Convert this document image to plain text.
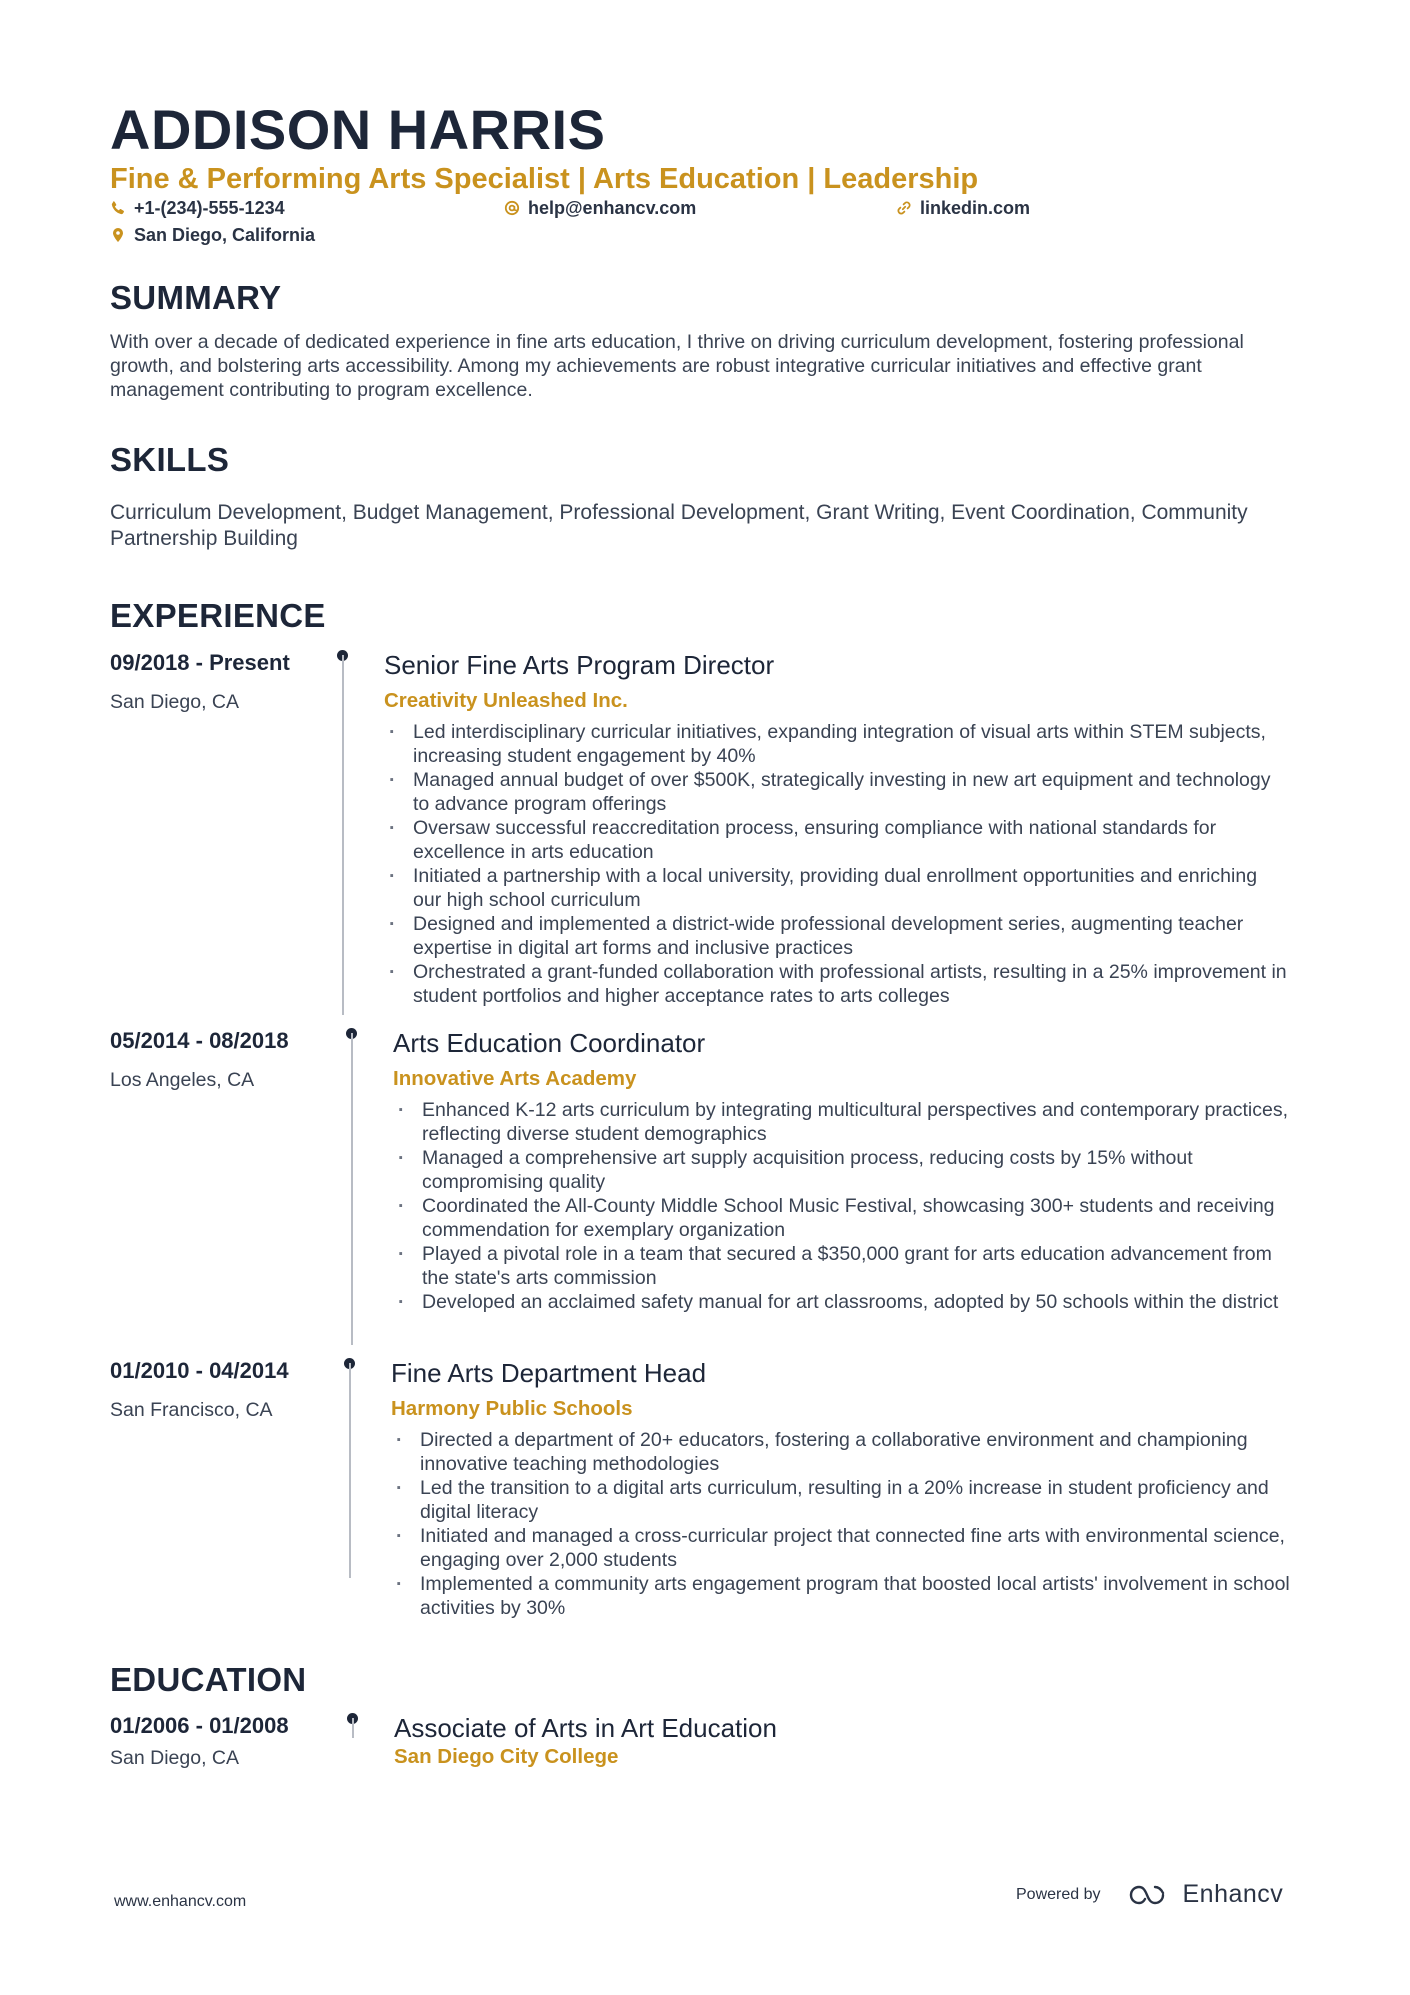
ADDISON HARRIS
Fine & Performing Arts Specialist | Arts Education | Leadership
+1-(234)-555-1234	help@enhancv.com	linkedin.com
San Diego, California
SUMMARY
With over a decade of dedicated experience in fine arts education, I thrive on driving curriculum development, fostering professional growth, and bolstering arts accessibility. Among my achievements are robust integrative curricular initiatives and effective grant management contributing to program excellence.
SKILLS
Curriculum Development, Budget Management, Professional Development, Grant Writing, Event Coordination, Community Partnership Building
EXPERIENCE
09/2018 - Present
San Diego, CA
Senior Fine Arts Program Director
Creativity Unleashed Inc.
· Led interdisciplinary curricular initiatives, expanding integration of visual arts within STEM subjects, increasing student engagement by 40%
· Managed annual budget of over $500K, strategically investing in new art equipment and technology to advance program offerings
· Oversaw successful reaccreditation process, ensuring compliance with national standards for excellence in arts education
· Initiated a partnership with a local university, providing dual enrollment opportunities and enriching our high school curriculum
· Designed and implemented a district-wide professional development series, augmenting teacher expertise in digital art forms and inclusive practices
· Orchestrated a grant-funded collaboration with professional artists, resulting in a 25% improvement in student portfolios and higher acceptance rates to arts colleges
05/2014 - 08/2018
Los Angeles, CA
Arts Education Coordinator
Innovative Arts Academy
· Enhanced K-12 arts curriculum by integrating multicultural perspectives and contemporary practices, reflecting diverse student demographics
· Managed a comprehensive art supply acquisition process, reducing costs by 15% without compromising quality
· Coordinated the All-County Middle School Music Festival, showcasing 300+ students and receiving commendation for exemplary organization
· Played a pivotal role in a team that secured a $350,000 grant for arts education advancement from the state's arts commission
· Developed an acclaimed safety manual for art classrooms, adopted by 50 schools within the district
01/2010 - 04/2014
San Francisco, CA
Fine Arts Department Head
Harmony Public Schools
· Directed a department of 20+ educators, fostering a collaborative environment and championing innovative teaching methodologies
· Led the transition to a digital arts curriculum, resulting in a 20% increase in student proficiency and digital literacy
· Initiated and managed a cross-curricular project that connected fine arts with environmental science, engaging over 2,000 students
· Implemented a community arts engagement program that boosted local artists' involvement in school activities by 30%
EDUCATION
01/2006 - 01/2008
San Diego, CA
Associate of Arts in Art Education
San Diego City College
www.enhancv.com	Powered by	Enhancv
